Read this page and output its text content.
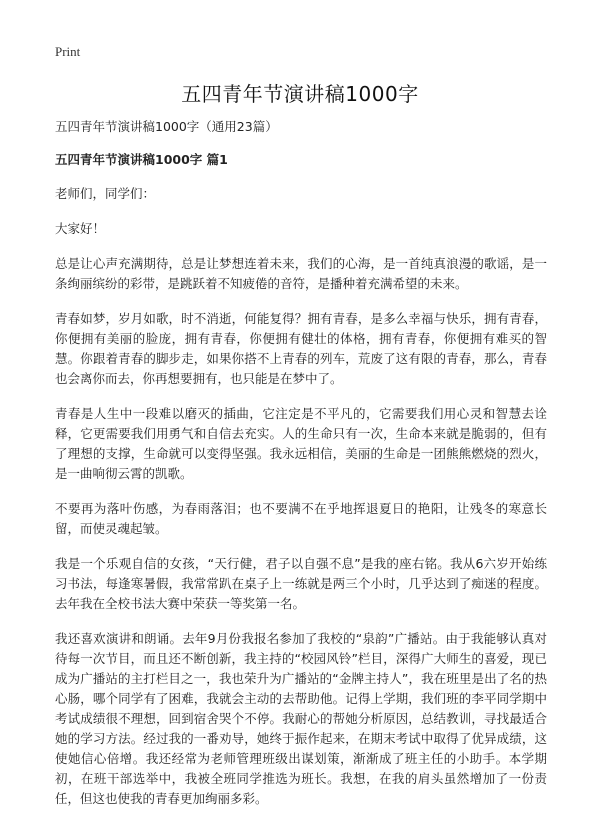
Print
五四青年节演讲稿1000字

五四青年节演讲稿1000字（通用23篇）

五四青年节演讲稿1000字 篇1

老师们，同学们：

大家好！

总是让心声充满期待，总是让梦想连着未来，我们的心海，是一首纯真浪漫的歌谣，是一条绚丽缤纷的彩带，是跳跃着不知疲倦的音符，是播种着充满希望的未来。

青春如梦，岁月如歌，时不消逝，何能复得？拥有青春，是多么幸福与快乐，拥有青春，你便拥有美丽的脸庞，拥有青春，你便拥有健壮的体格，拥有青春，你便拥有难买的智慧。你跟着青春的脚步走，如果你搭不上青春的列车，荒废了这有限的青春，那么，青春也会离你而去，你再想要拥有，也只能是在梦中了。

青春是人生中一段难以磨灭的插曲，它注定是不平凡的，它需要我们用心灵和智慧去诠释，它更需要我们用勇气和自信去充实。人的生命只有一次，生命本来就是脆弱的，但有了理想的支撑，生命就可以变得坚强。我永远相信，美丽的生命是一团熊熊燃烧的烈火，是一曲响彻云霄的凯歌。

不要再为落叶伤感，为春雨落泪；也不要满不在乎地挥退夏日的艳阳，让残冬的寒意长留，而使灵魂起皱。

我是一个乐观自信的女孩，“天行健，君子以自强不息”是我的座右铭。我从6六岁开始练习书法，每逢寒暑假，我常常趴在桌子上一练就是两三个小时，几乎达到了痴迷的程度。去年我在全校书法大赛中荣获一等奖第一名。

我还喜欢演讲和朗诵。去年9月份我报名参加了我校的“泉韵”广播站。由于我能够认真对待每一次节目，而且还不断创新，我主持的“校园风铃”栏目，深得广大师生的喜爱，现已成为广播站的主打栏目之一，我也荣升为广播站的“金牌主持人”，我在班里是出了名的热心肠，哪个同学有了困难，我就会主动的去帮助他。记得上学期，我们班的李平同学期中考试成绩很不理想，回到宿舍哭个不停。我耐心的帮她分析原因，总结教训，寻找最适合她的学习方法。经过我的一番劝导，她终于振作起来，在期末考试中取得了优异成绩，这使她信心倍增。我还经常为老师管理班级出谋划策，渐渐成了班主任的小助手。本学期初，在班干部选举中，我被全班同学推选为班长。我想，在我的肩头虽然增加了一份责任，但这也使我的青春更加绚丽多彩。
